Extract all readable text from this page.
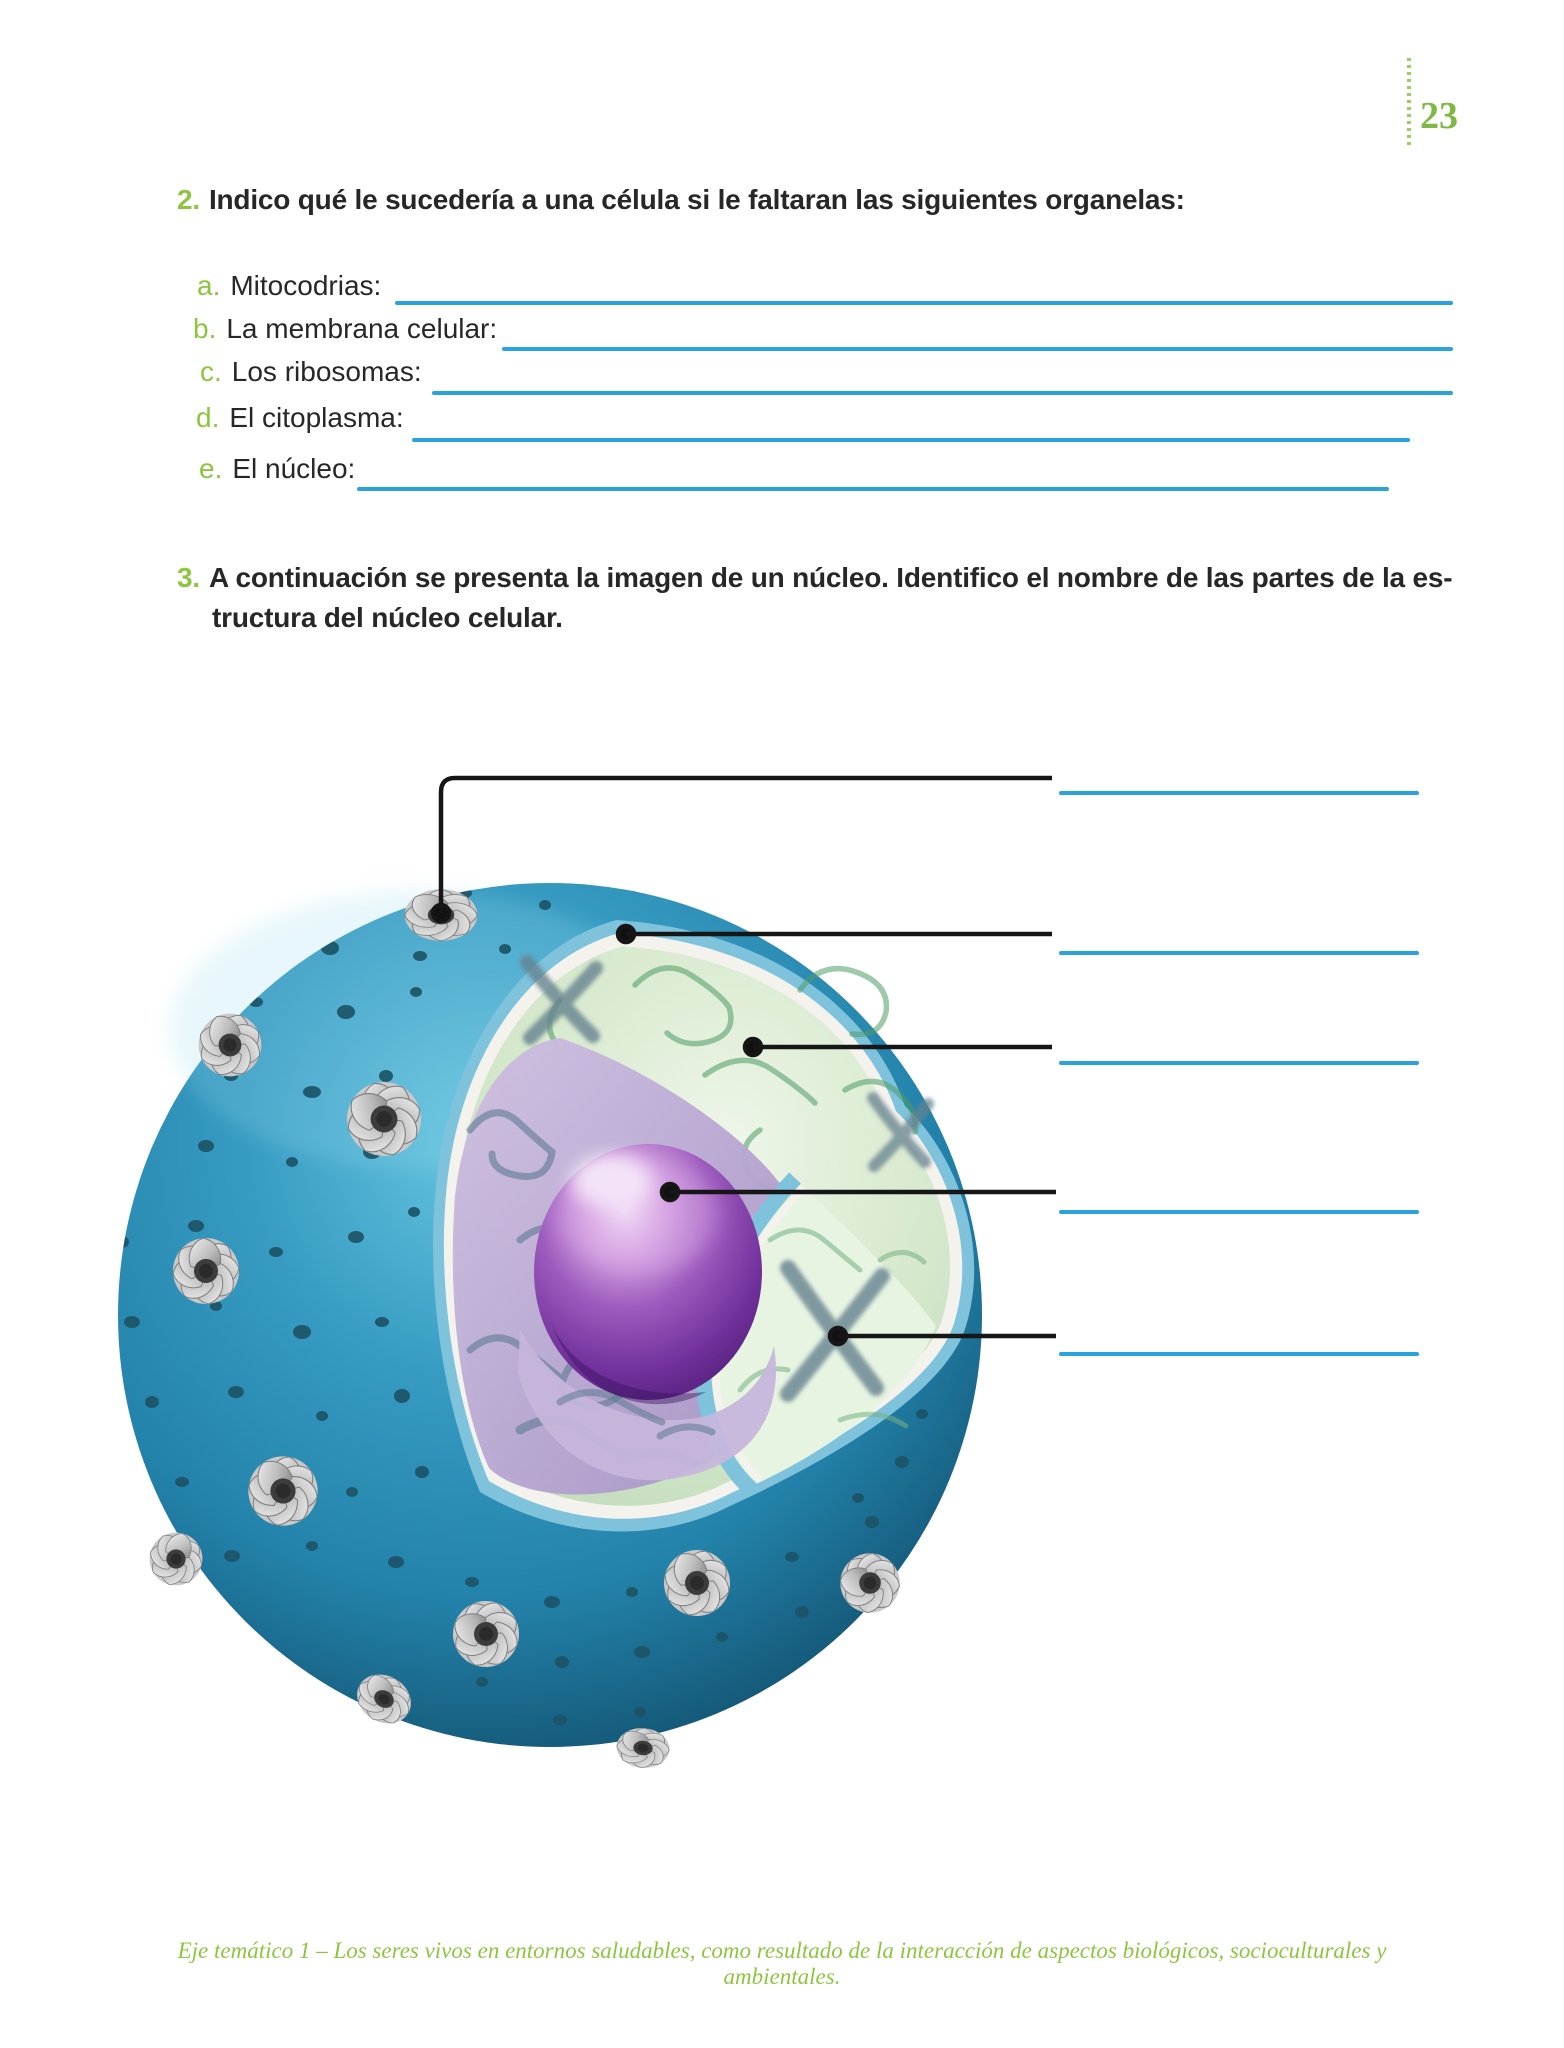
23
2. Indico qué le sucedería a una célula si le faltaran las siguientes organelas:
a. Mitocodrias:
b. La membrana celular:
c. Los ribosomas:
d. El citoplasma:
e. El núcleo:
3. A continuación se presenta la imagen de un núcleo. Identifico el nombre de las partes de la es-
tructura del núcleo celular.
Eje temático 1 – Los seres vivos en entornos saludables, como resultado de la interacción de aspectos biológicos, socioculturales y ambientales.
